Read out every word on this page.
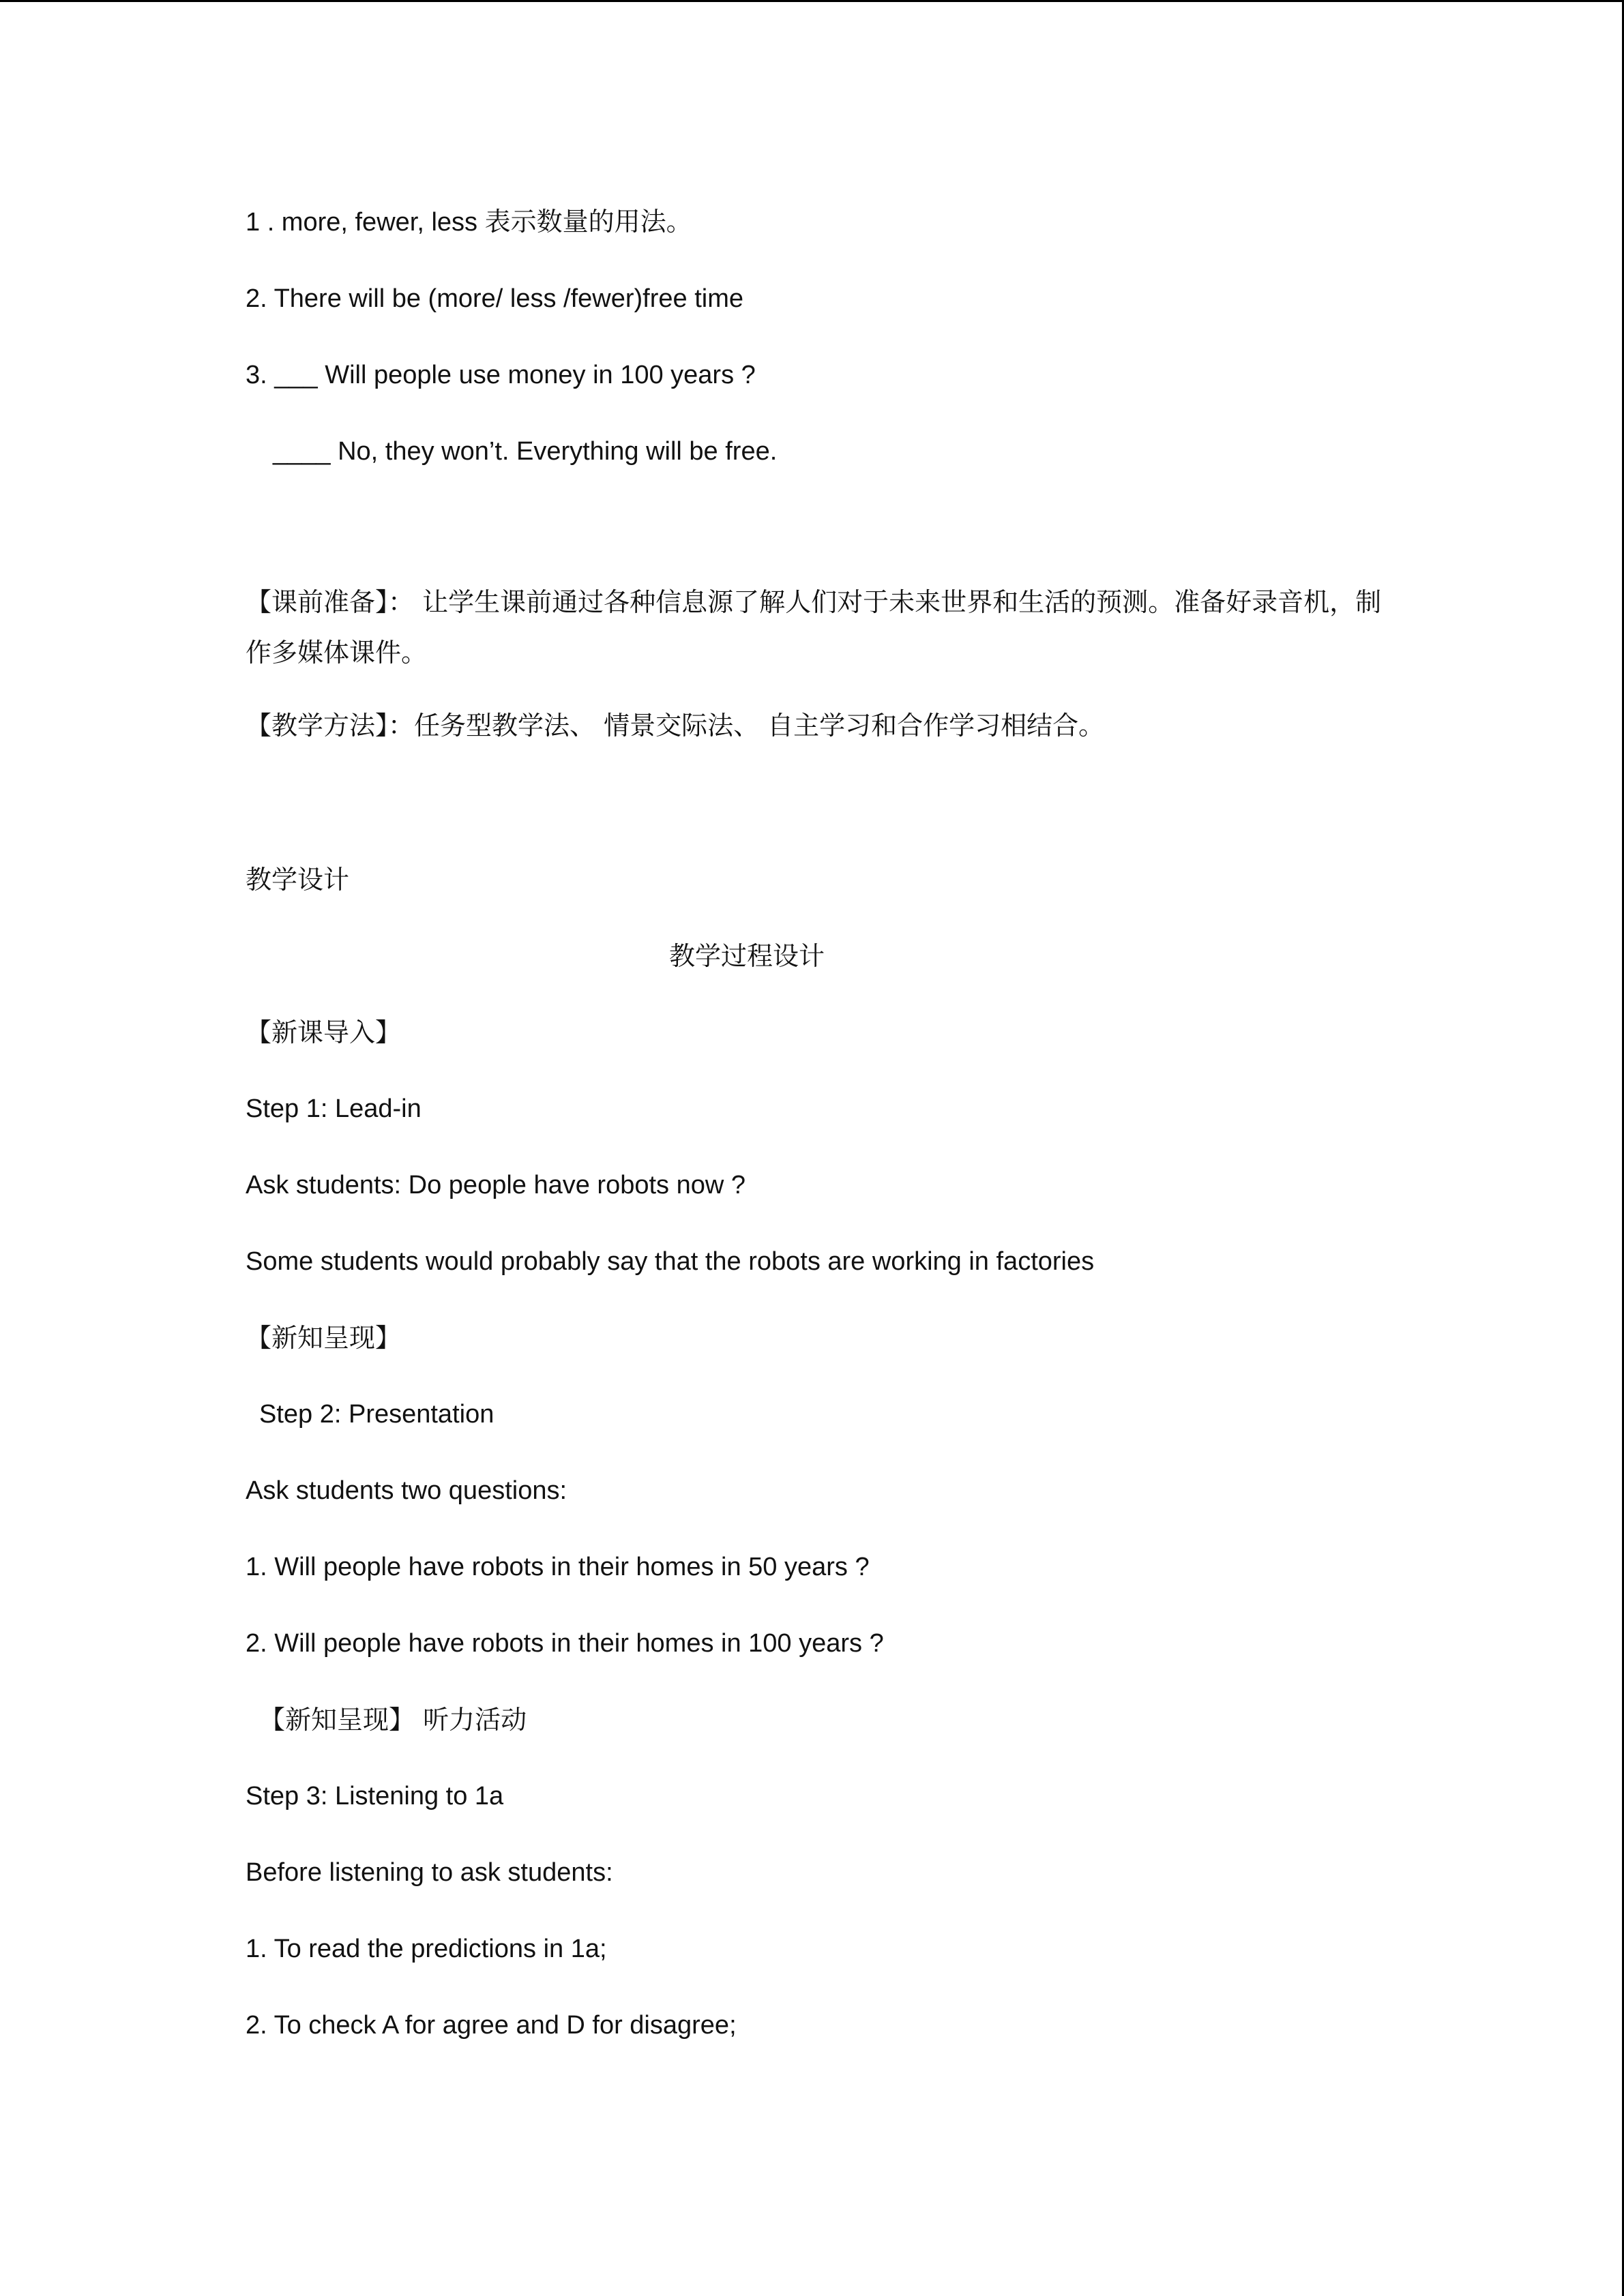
1 . more, fewer, less 表示数量的用法。
2. There will be (more/ less /fewer)free time
3. ___ Will people use money in 100 years ?
____ No, they won’t. Everything will be free.
【课前准备】： 让学生课前通过各种信息源了解人们对于未来世界和生活的预测。准备好录音机，制作多媒体课件。
【教学方法】：任务型教学法、 情景交际法、 自主学习和合作学习相结合。
教学设计
教学过程设计
【新课导入】
Step 1: Lead-in
Ask students: Do people have robots now ?
Some students would probably say that the robots are working in factories
【新知呈现】
Step 2: Presentation
Ask students two questions:
1. Will people have robots in their homes in 50 years ?
2. Will people have robots in their homes in 100 years ?
【新知呈现】 听力活动
Step 3: Listening to 1a
Before listening to ask students:
1. To read the predictions in 1a;
2. To check A for agree and D for disagree;
